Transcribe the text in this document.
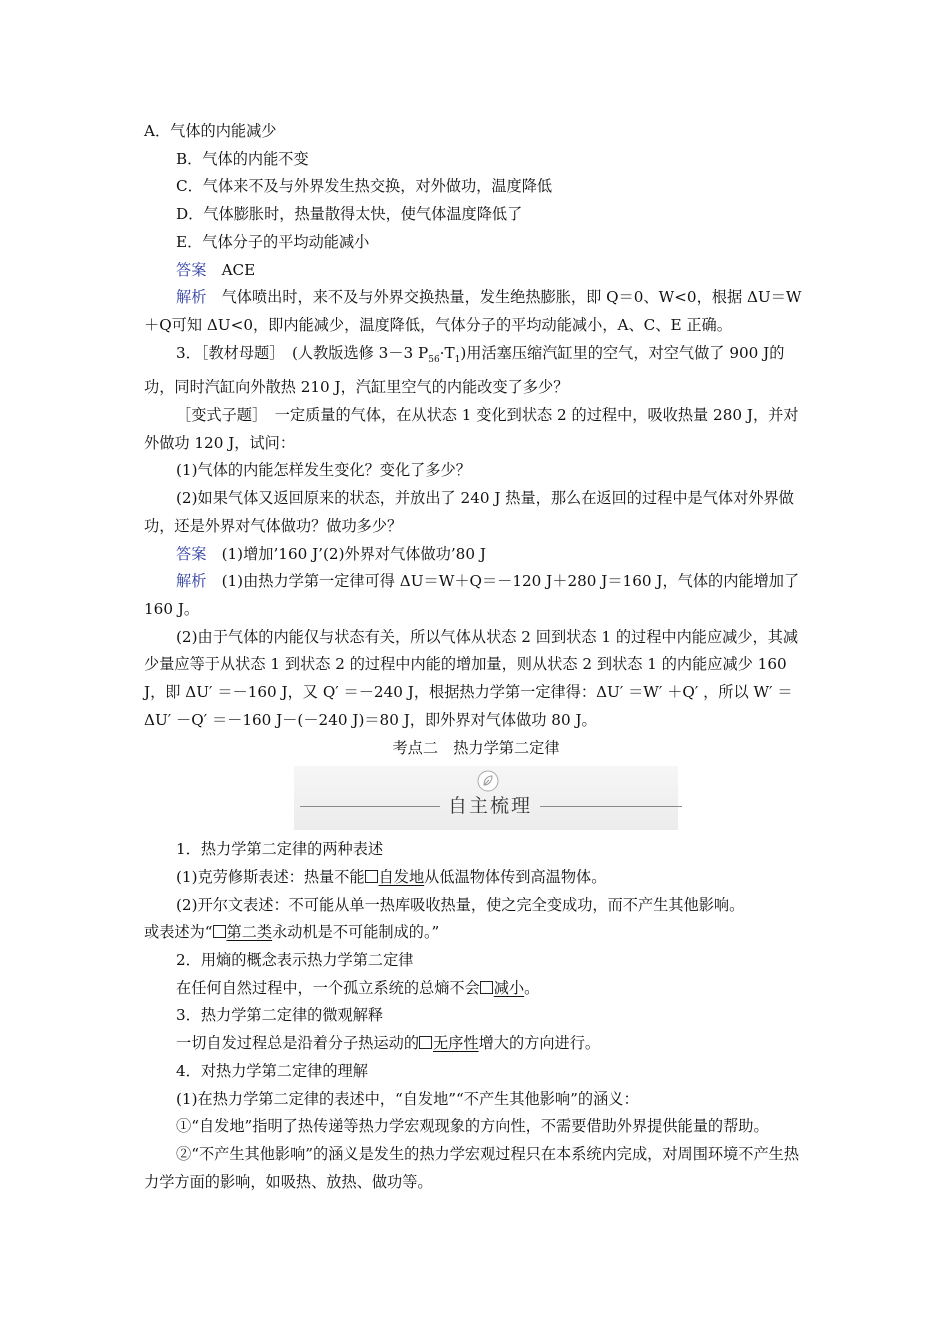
A．气体的内能减少

B．气体的内能不变

C．气体来不及与外界发生热交换，对外做功，温度降低

D．气体膨胀时，热量散得太快，使气体温度降低了

E．气体分子的平均动能减小

答案　 ACE

解析　 气体喷出时，来不及与外界交换热量，发生绝热膨胀，即 Q＝0、W<0，根据 ΔU＝W＋Q可知 ΔU<0，即内能减少，温度降低，气体分子的平均动能减小，A、C、E 正确。

3．［教材母题］　(人教版选修 3－3 $P_{56}\cdot T_1$)用活塞压缩汽缸里的空气，对空气做了 900 J的功，同时汽缸向外散热 210 J，汽缸里空气的内能改变了多少？

［变式子题］　一定质量的气体，在从状态 1 变化到状态 2 的过程中，吸收热量 280 J，并对外做功 120 J，试问：

(1)气体的内能怎样发生变化？变化了多少？

(2)如果气体又返回原来的状态，并放出了 240 J 热量，那么在返回的过程中是气体对外界做功，还是外界对气体做功？做功多少？

答案　 (1)增加’160 J’(2)外界对气体做功’80 J

解析　 (1)由热力学第一定律可得 ΔU＝W＋Q＝－120 J＋280 J＝160 J，气体的内能增加了 160 J。

(2)由于气体的内能仅与状态有关，所以气体从状态 2 回到状态 1 的过程中内能应减少，其减少量应等于从状态 1 到状态 2 的过程中内能的增加量，则从状态 2 到状态 1 的内能应减少 160 J，即 ΔU′ ＝－160 J，又 Q′ ＝－240 J，根据热力学第一定律得：ΔU′ ＝W′ ＋Q′ ，所以 W′ ＝ΔU′ －Q′ ＝－160 J－(－240 J)＝80 J，即外界对气体做功 80 J。

考点二　热力学第二定律

自主梳理

1．热力学第二定律的两种表述

(1)克劳修斯表述：热量不能 自发地从低温物体传到高温物体。

(2)开尔文表述：不可能从单一热库吸收热量，使之完全变成功，而不产生其他影响。

或表述为“ 第二类永动机是不可能制成的。”

2．用熵的概念表示热力学第二定律

在任何自然过程中，一个孤立系统的总熵不会 减小。

3．热力学第二定律的微观解释

一切自发过程总是沿着分子热运动的 无序性增大的方向进行。

4．对热力学第二定律的理解

(1)在热力学第二定律的表述中，“自发地”“不产生其他影响”的涵义：

①“自发地”指明了热传递等热力学宏观现象的方向性，不需要借助外界提供能量的帮助。

②“不产生其他影响”的涵义是发生的热力学宏观过程只在本系统内完成，对周围环境不产生热力学方面的影响，如吸热、放热、做功等。
